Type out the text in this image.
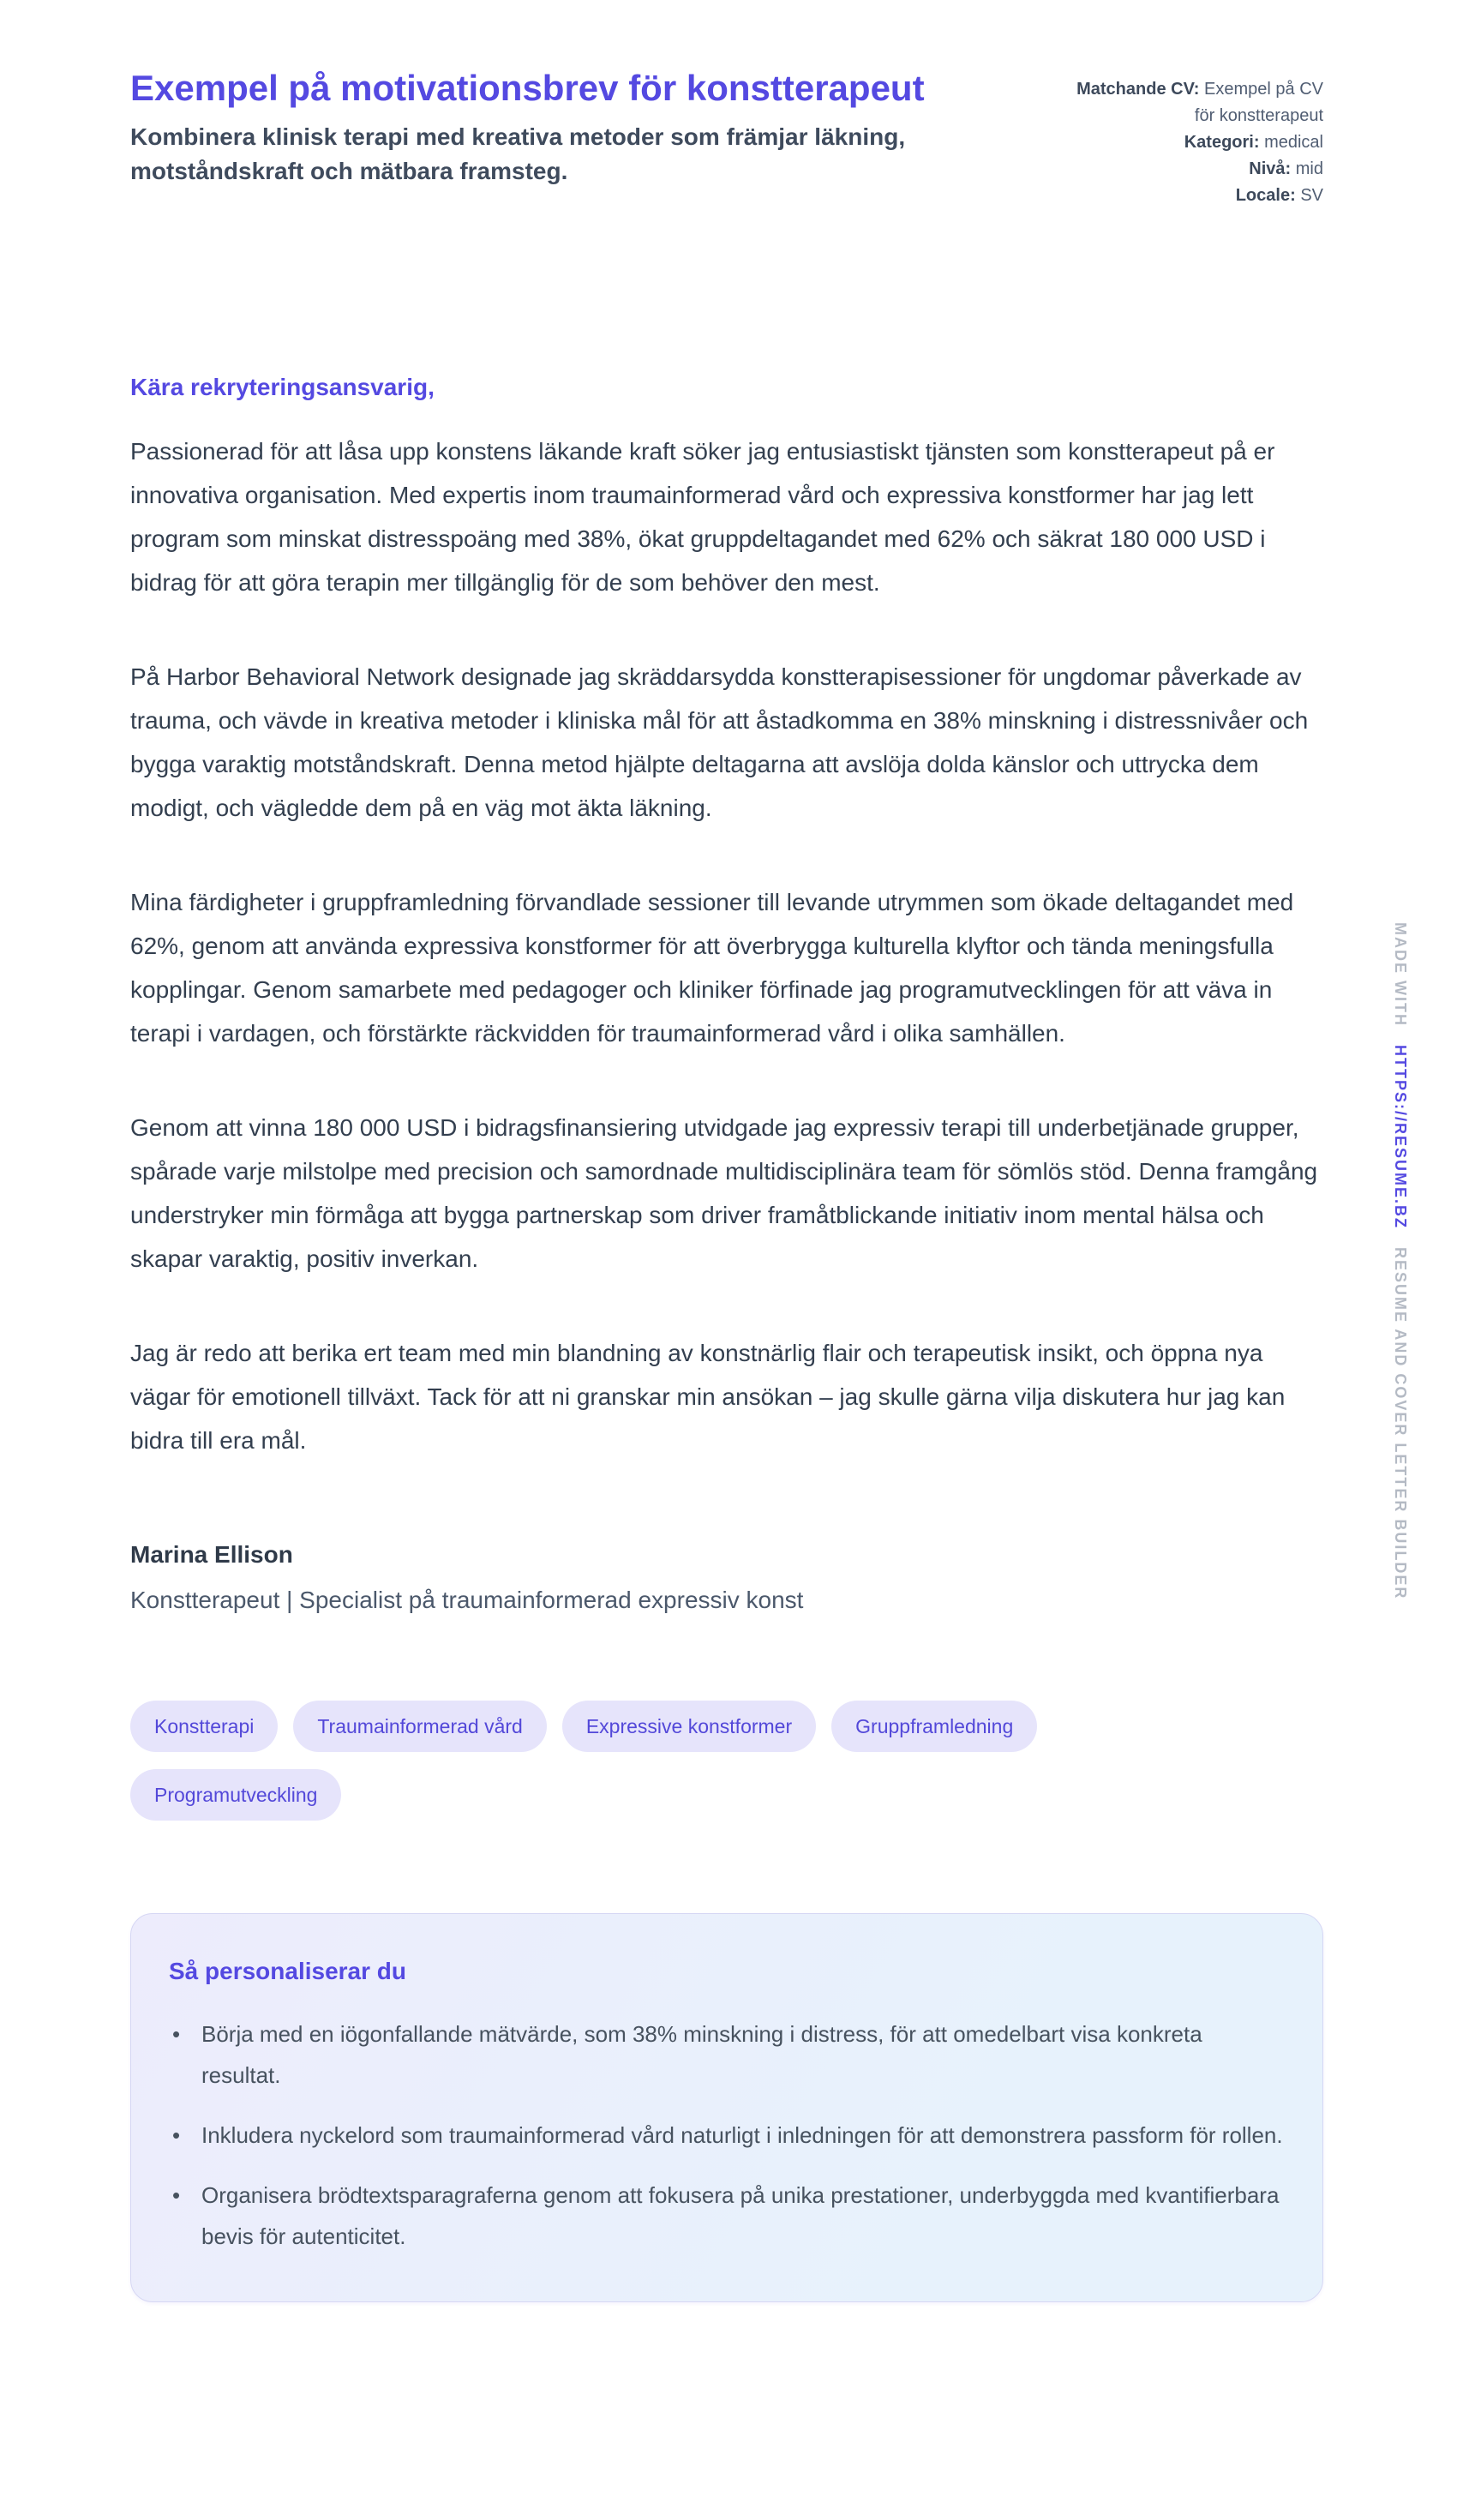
Exempel på motivationsbrev för konstterapeut

Kombinera klinisk terapi med kreativa metoder som främjar läkning, motståndskraft och mätbara framsteg.

Matchande CV: Exempel på CV för konstterapeut
Kategori: medical
Nivå: mid
Locale: SV

Kära rekryteringsansvarig,

Passionerad för att låsa upp konstens läkande kraft söker jag entusiastiskt tjänsten som konstterapeut på er innovativa organisation. Med expertis inom traumainformerad vård och expressiva konstformer har jag lett program som minskat distresspoäng med 38%, ökat gruppdeltagandet med 62% och säkrat 180 000 USD i bidrag för att göra terapin mer tillgänglig för de som behöver den mest.

På Harbor Behavioral Network designade jag skräddarsydda konstterapisessioner för ungdomar påverkade av trauma, och vävde in kreativa metoder i kliniska mål för att åstadkomma en 38% minskning i distressnivåer och bygga varaktig motståndskraft. Denna metod hjälpte deltagarna att avslöja dolda känslor och uttrycka dem modigt, och vägledde dem på en väg mot äkta läkning.

Mina färdigheter i gruppframledning förvandlade sessioner till levande utrymmen som ökade deltagandet med 62%, genom att använda expressiva konstformer för att överbrygga kulturella klyftor och tända meningsfulla kopplingar. Genom samarbete med pedagoger och kliniker förfinade jag programutvecklingen för att väva in terapi i vardagen, och förstärkte räckvidden för traumainformerad vård i olika samhällen.

Genom att vinna 180 000 USD i bidragsfinansiering utvidgade jag expressiv terapi till underbetjänade grupper, spårade varje milstolpe med precision och samordnade multidisciplinära team för sömlös stöd. Denna framgång understryker min förmåga att bygga partnerskap som driver framåtblickande initiativ inom mental hälsa och skapar varaktig, positiv inverkan.

Jag är redo att berika ert team med min blandning av konstnärlig flair och terapeutisk insikt, och öppna nya vägar för emotionell tillväxt. Tack för att ni granskar min ansökan – jag skulle gärna vilja diskutera hur jag kan bidra till era mål.

Marina Ellison

Konstterapeut | Specialist på traumainformerad expressiv konst

Konstterapi	Traumainformerad vård	Expressive konstformer	Gruppframledning
Programutveckling
Så personaliserar du
• Börja med en iögonfallande mätvärde, som 38% minskning i distress, för att omedelbart visa konkreta resultat.
• Inkludera nyckelord som traumainformerad vård naturligt i inledningen för att demonstrera passform för rollen.
• Organisera brödtextsparagraferna genom att fokusera på unika prestationer, underbyggda med kvantifierbara bevis för autenticitet.
MADE WITH HTTPS://RESUME.BZ RESUME AND COVER LETTER BUILDER
